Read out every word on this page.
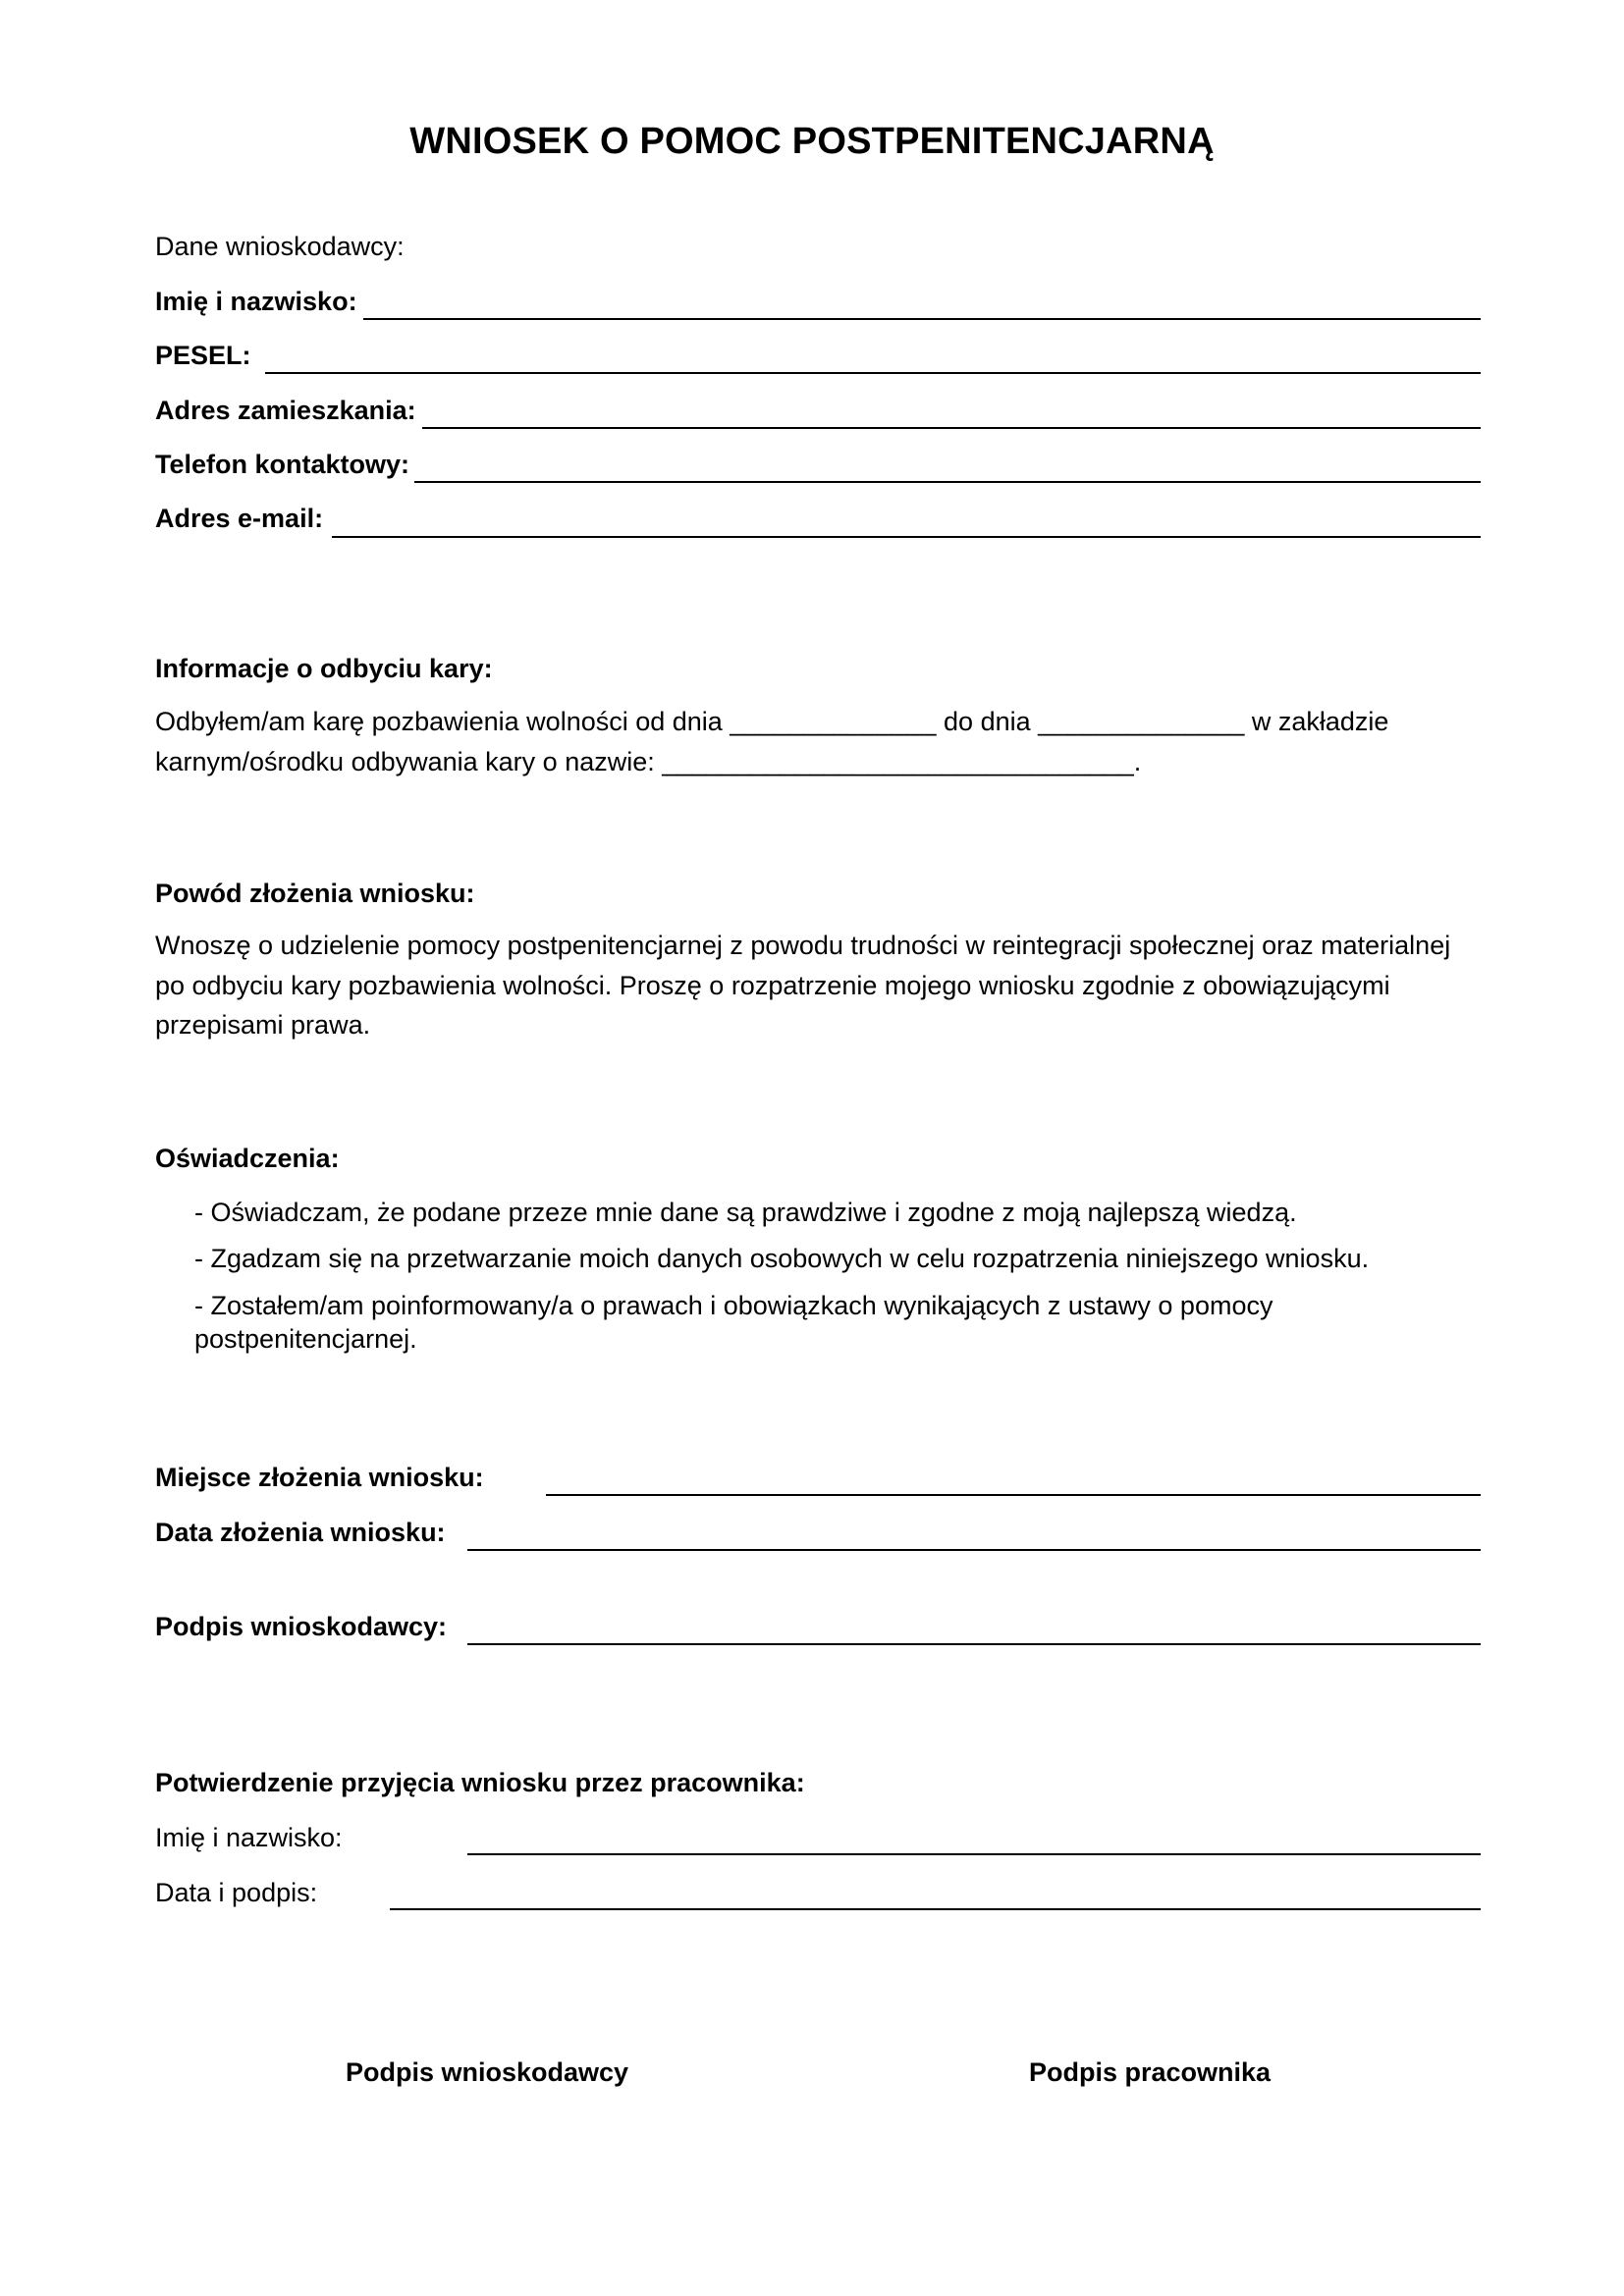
WNIOSEK O POMOC POSTPENITENCJARNĄ
Dane wnioskodawcy:
Imię i nazwisko:
PESEL:
Adres zamieszkania:
Telefon kontaktowy:
Adres e-mail:
Informacje o odbyciu kary:
Odbyłem/am karę pozbawienia wolności od dnia ______________ do dnia ______________ w zakładzie
karnym/ośrodku odbywania kary o nazwie: ________________________________.
Powód złożenia wniosku:
Wnoszę o udzielenie pomocy postpenitencjarnej z powodu trudności w reintegracji społecznej oraz materialnej po odbyciu kary pozbawienia wolności. Proszę o rozpatrzenie mojego wniosku zgodnie z obowiązującymi przepisami prawa.
Oświadczenia:
- Oświadczam, że podane przeze mnie dane są prawdziwe i zgodne z moją najlepszą wiedzą.
- Zgadzam się na przetwarzanie moich danych osobowych w celu rozpatrzenia niniejszego wniosku.
- Zostałem/am poinformowany/a o prawach i obowiązkach wynikających z ustawy o pomocy postpenitencjarnej.
Miejsce złożenia wniosku:
Data złożenia wniosku:
Podpis wnioskodawcy:
Potwierdzenie przyjęcia wniosku przez pracownika:
Imię i nazwisko:
Data i podpis:
Podpis wnioskodawcy	Podpis pracownika
